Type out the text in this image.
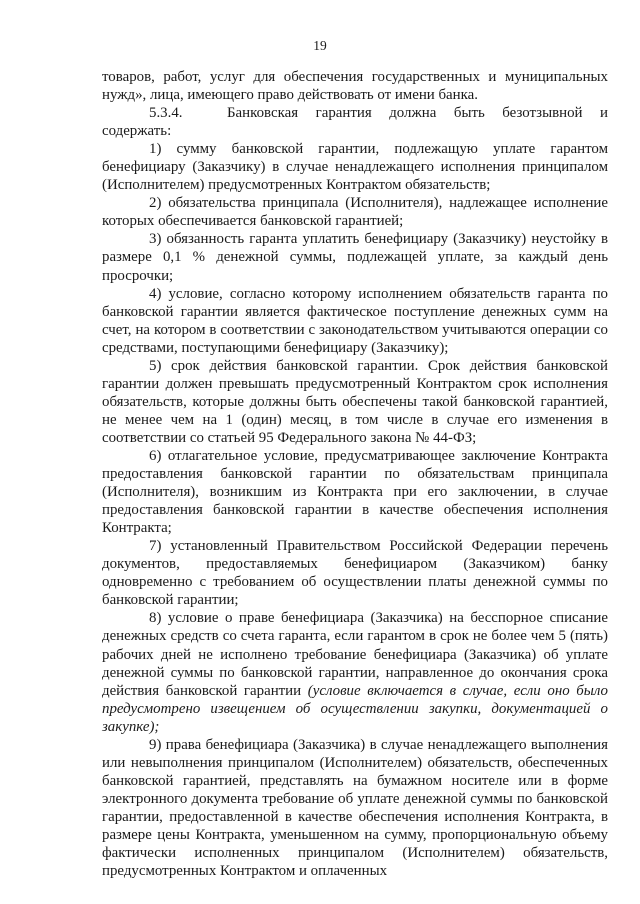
19

товаров, работ, услуг для обеспечения государственных и муниципальных нужд», лица, имеющего право действовать от имени банка.

5.3.4.	Банковская гарантия должна быть безотзывной и содержать:

1) сумму банковской гарантии, подлежащую уплате гарантом бенефициару (Заказчику) в случае ненадлежащего исполнения принципалом (Исполнителем) предусмотренных Контрактом обязательств;

2) обязательства принципала (Исполнителя), надлежащее исполнение которых обеспечивается банковской гарантией;

3) обязанность гаранта уплатить бенефициару (Заказчику) неустойку в размере 0,1 % денежной суммы, подлежащей уплате, за каждый день просрочки;

4) условие, согласно которому исполнением обязательств гаранта по банковской гарантии является фактическое поступление денежных сумм на счет, на котором в соответствии с законодательством учитываются операции со средствами, поступающими бенефициару (Заказчику);

5) срок действия банковской гарантии. Срок действия банковской гарантии должен превышать предусмотренный Контрактом срок исполнения обязательств, которые должны быть обеспечены такой банковской гарантией, не менее чем на 1 (один) месяц, в том числе в случае его изменения в соответствии со статьей 95 Федерального закона № 44-ФЗ;

6) отлагательное условие, предусматривающее заключение Контракта предоставления банковской гарантии по обязательствам принципала (Исполнителя), возникшим из Контракта при его заключении, в случае предоставления банковской гарантии в качестве обеспечения исполнения Контракта;

7) установленный Правительством Российской Федерации перечень документов, предоставляемых бенефициаром (Заказчиком) банку одновременно с требованием об осуществлении платы денежной суммы по банковской гарантии;

8) условие о праве бенефициара (Заказчика) на бесспорное списание денежных средств со счета гаранта, если гарантом в срок не более чем 5 (пять) рабочих дней не исполнено требование бенефициара (Заказчика) об уплате денежной суммы по банковской гарантии, направленное до окончания срока действия банковской гарантии (условие включается в случае, если оно было предусмотрено извещением об осуществлении закупки, документацией о закупке);

9) права бенефициара (Заказчика) в случае ненадлежащего выполнения или невыполнения принципалом (Исполнителем) обязательств, обеспеченных банковской гарантией, представлять на бумажном носителе или в форме электронного документа требование об уплате денежной суммы по банковской гарантии, предоставленной в качестве обеспечения исполнения Контракта, в размере цены Контракта, уменьшенном на сумму, пропорциональную объему фактически исполненных принципалом (Исполнителем) обязательств, предусмотренных Контрактом и оплаченных
